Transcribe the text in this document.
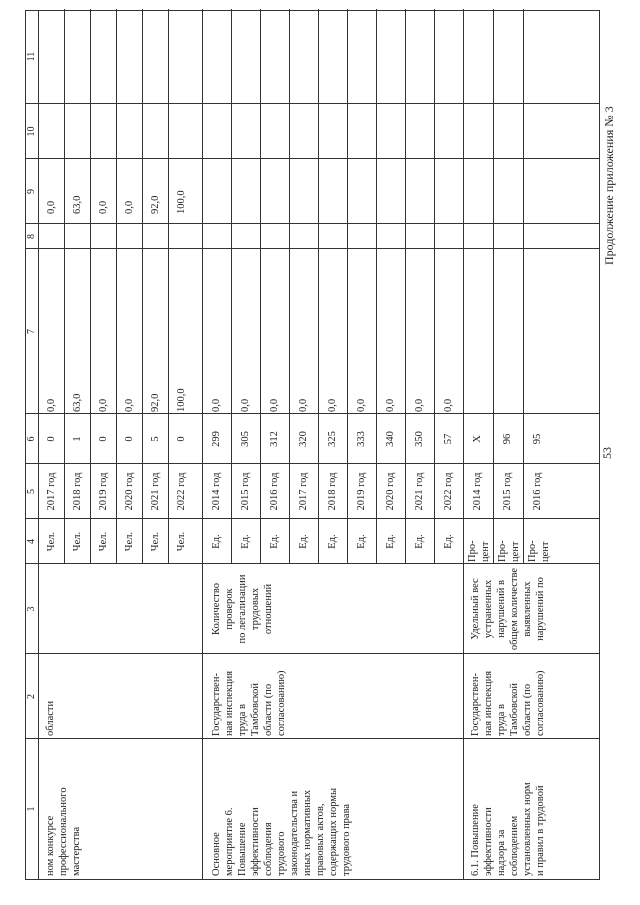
53
Продолжение приложения № 3
1
2
3
4
5
6
7
8
9
10
11
ном конкурсе профессионального мастерства
области
Чел.
2017 год
0
0,0
0,0
Чел.
2018 год
1
63,0
63,0
Чел.
2019 год
0
0,0
0,0
Чел.
2020 год
0
0,0
0,0
Чел.
2021 год
5
92,0
92,0
Чел.
2022 год
0
100,0
100,0
Основное мероприятие 6. Повышение эффективности соблюдения трудового законодательства и иных нормативных правовых актов, содержащих нормы трудового права
Государствен- ная инспекция труда в Тамбовской области (по согласованию)
Количество проверок по легализации трудовых отношений
Ед.
2014 год
299
0,0
Ед.
2015 год
305
0,0
Ед.
2016 год
312
0,0
Ед.
2017 год
320
0,0
Ед.
2018 год
325
0,0
Ед.
2019 год
333
0,0
Ед.
2020 год
340
0,0
Ед.
2021 год
350
0,0
Ед.
2022 год
57
0,0
6.1. Повышение эффективности надзора за соблюдением установленных норм и правил в трудовой
Государствен- ная инспекция труда в Тамбовской области (по согласованию)
Удельный вес устраненных нарушений в общем количестве выявленных нарушений по
Про- цент
2014 год
X
Про- цент
2015 год
96
Про- цент
2016 год
95
